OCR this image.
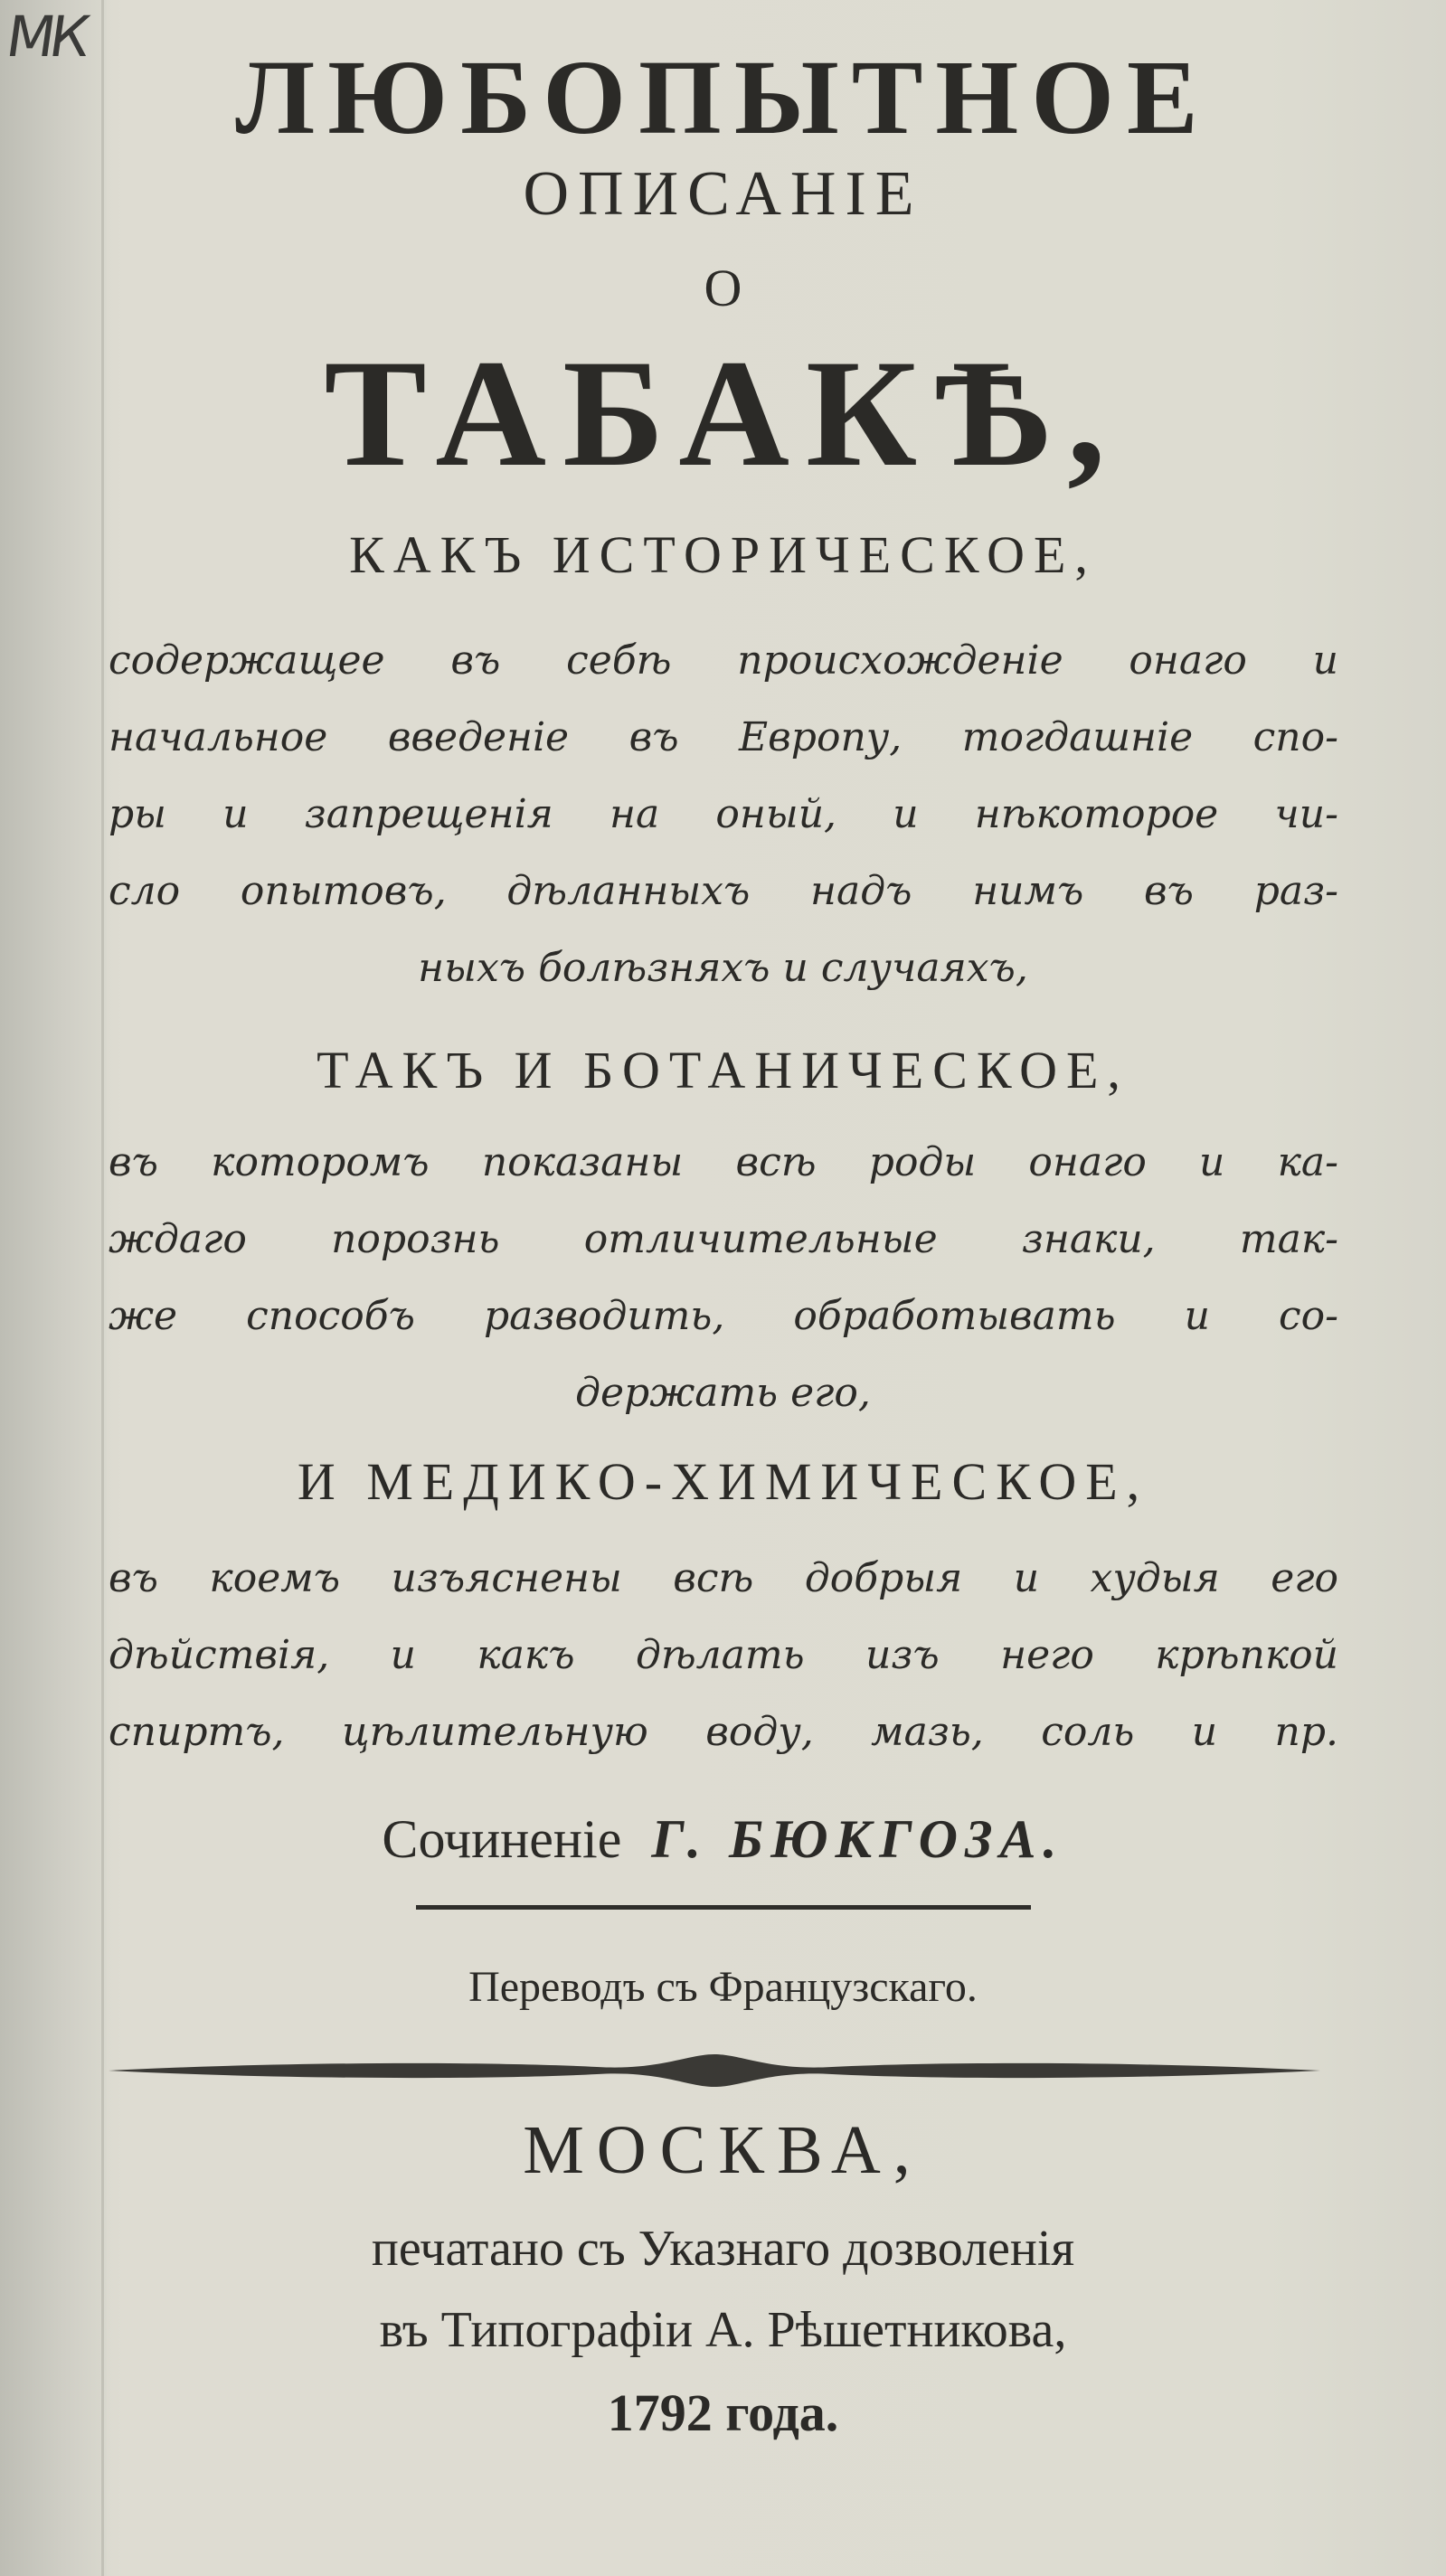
МК
ЛЮБОПЫТНОЕ
ОПИСАНІЕ
О
ТАБАКѢ,
КАКЪ ИСТОРИЧЕСКОЕ,
содержащее въ себѣ происхожденіе онаго и
начальное введеніе въ Европу, тогдашніе спо-
ры и запрещенія на оный, и нѣкоторое чи-
сло опытовъ, дѣланныхъ надъ нимъ въ раз-
ныхъ болѣзняхъ и случаяхъ,
ТАКЪ И БОТАНИЧЕСКОЕ,
въ которомъ показаны всѣ роды онаго и ка-
ждаго порознь отличительные знаки, так-
же способъ разводить, обработывать и со-
держать его,
И МЕДИКО-ХИМИЧЕСКОЕ,
въ коемъ изъяснены всѣ добрыя и худыя его
дѣйствія, и какъ дѣлать изъ него крѣпкой
спиртъ, цѣлительную воду, мазь, соль и пр.
Сочиненіе Г. БЮКГОЗА.
Переводъ съ Французскаго.
МОСКВА,
печатано съ Указнаго дозволенія
въ Типографіи А. Рѣшетникова,
1792 года.
